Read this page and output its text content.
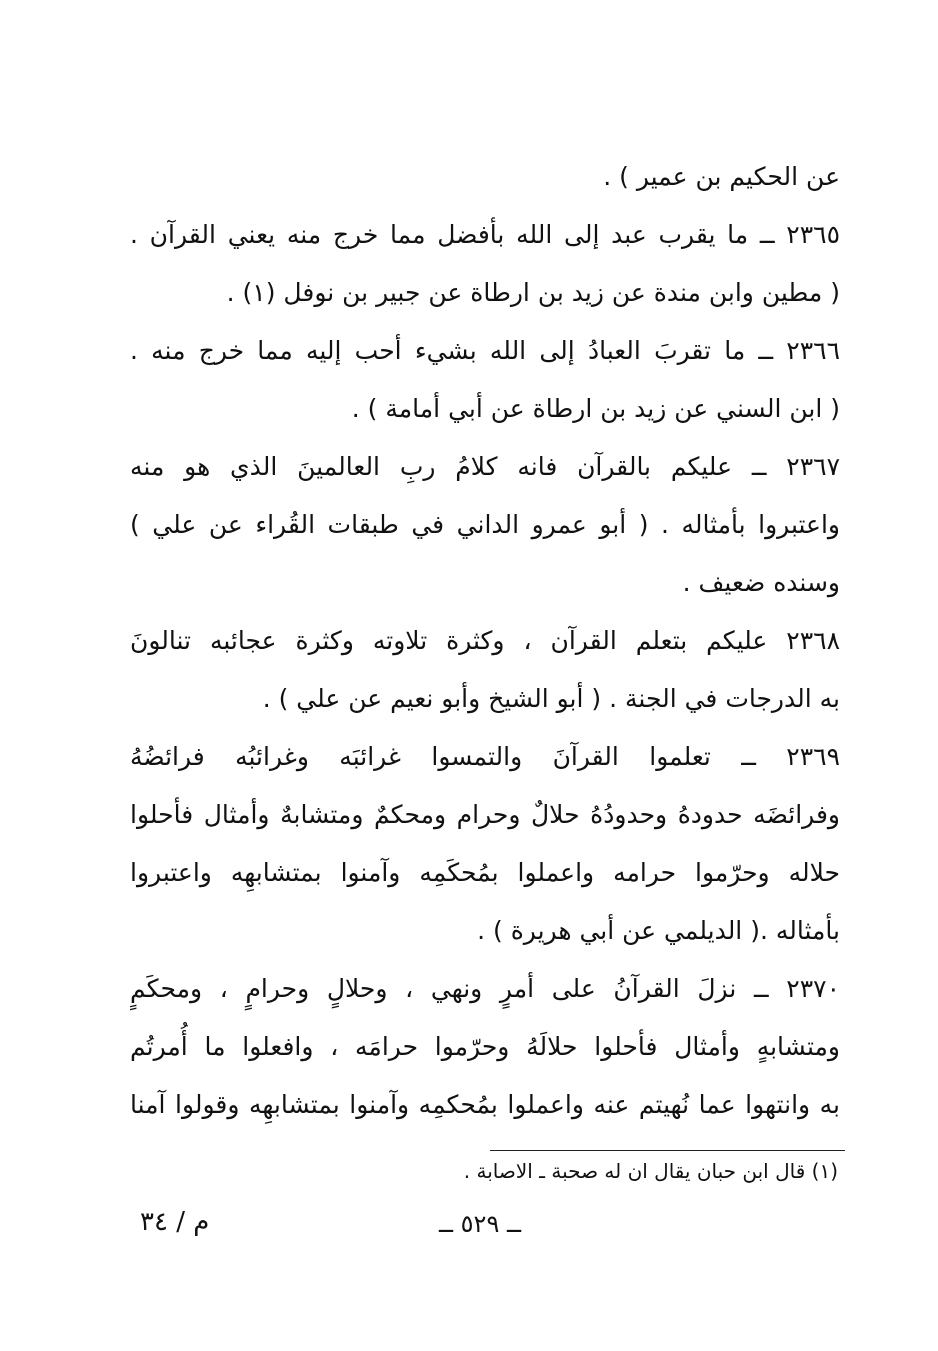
عن الحكيم بن عمير ) .
٢٣٦٥ ــ ما يقرب عبد إلى الله بأفضل مما خرج منه يعني القرآن .
( مطين وابن مندة عن زيد بن ارطاة عن جبير بن نوفل (١) .
٢٣٦٦ ــ ما تقربَ العبادُ إلى الله بشيء أحب إليه مما خرج منه .
( ابن السني عن زيد بن ارطاة عن أبي أمامة ) .
٢٣٦٧ ــ عليكم بالقرآن فانه كلامُ ربِ العالمينَ الذي هو منه
واعتبروا بأمثاله . ( أبو عمرو الداني في طبقات القُراء عن علي )
وسنده ضعيف .
٢٣٦٨ عليكم بتعلم القرآن ، وكثرة تلاوته وكثرة عجائبه تنالونَ
به الدرجات في الجنة . ( أبو الشيخ وأبو نعيم عن علي ) .
٢٣٦٩ ــ تعلموا القرآنَ والتمسوا غرائبَه وغرائبُه فرائضُهُ
وفرائضَه حدودهُ وحدودُهُ حلالٌ وحرام ومحكمٌ ومتشابهٌ وأمثال فأحلوا
حلاله وحرّموا حرامه واعملوا بمُحكَمِه وآمنوا بمتشابهِه واعتبروا
بأمثاله .( الديلمي عن أبي هريرة ) .
٢٣٧٠ ــ نزلَ القرآنُ على أمرٍ ونهي ، وحلالٍ وحرامٍ ، ومحكَمٍ
ومتشابهٍ وأمثال فأحلوا حلالَهُ وحرّموا حرامَه ، وافعلوا ما أُمرتُم
به وانتهوا عما نُهيتم عنه واعملوا بمُحكمِه وآمنوا بمتشابهِه وقولوا آمنا
(١) قال ابن حبان يقال ان له صحبة ـ الاصابة .
ــ ٥٢٩ ــ
م / ٣٤
